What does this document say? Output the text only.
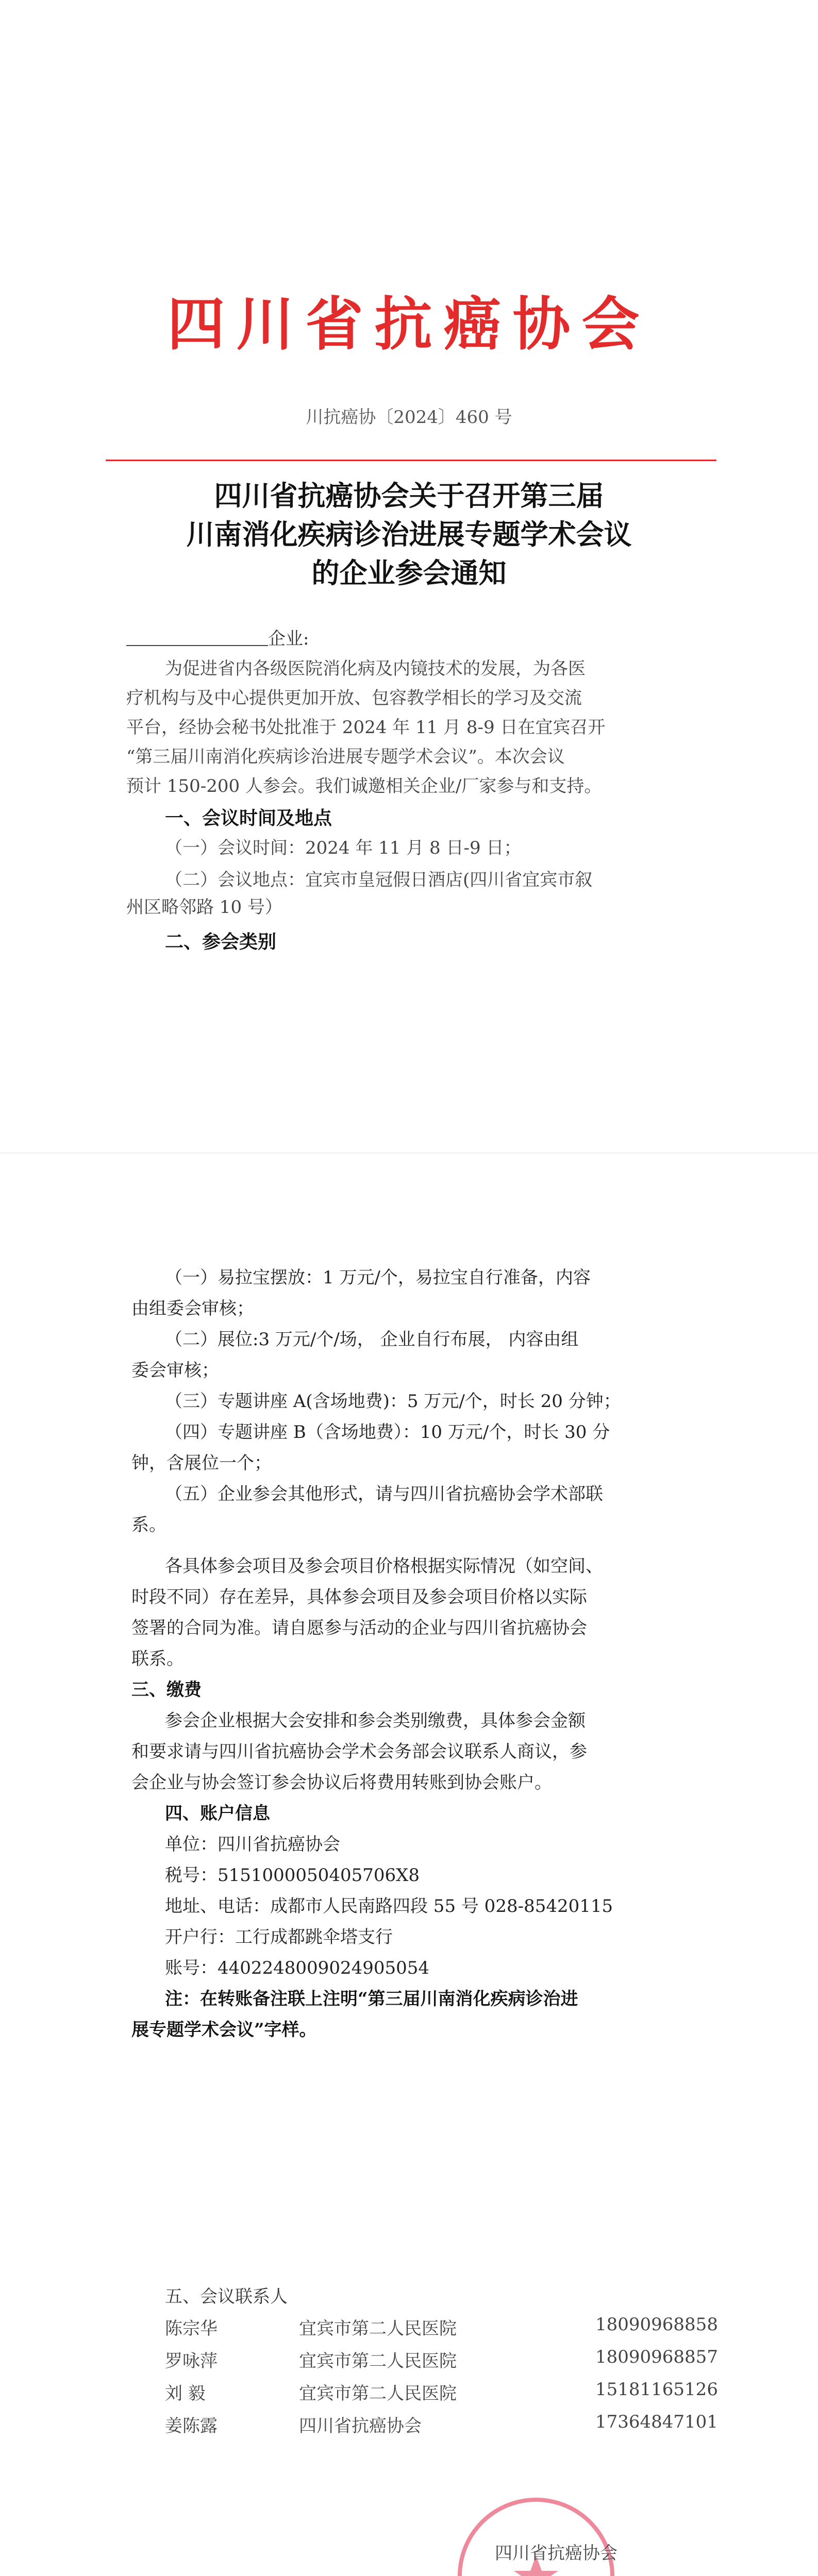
四川省抗癌协会
川抗癌协〔2024〕460 号
四川省抗癌协会关于召开第三届
川南消化疾病诊治进展专题学术会议
的企业参会通知
企业:
为促进省内各级医院消化病及内镜技术的发展，为各医
疗机构与及中心提供更加开放、包容教学相长的学习及交流
平台，经协会秘书处批准于 2024 年 11 月 8-9 日在宜宾召开
“第三届川南消化疾病诊治进展专题学术会议”。本次会议
预计 150-200 人参会。我们诚邀相关企业/厂家参与和支持。
一、会议时间及地点
（一）会议时间：2024 年 11 月 8 日-9 日；
（二）会议地点：宜宾市皇冠假日酒店(四川省宜宾市叙
州区略邻路 10 号）
二、参会类别
（一）易拉宝摆放：1 万元/个，易拉宝自行准备，内容
由组委会审核；
（二）展位:3 万元/个/场， 企业自行布展， 内容由组
委会审核；
（三）专题讲座 A(含场地费)：5 万元/个，时长 20 分钟；
（四）专题讲座 B（含场地费）：10 万元/个，时长 30 分
钟，含展位一个；
（五）企业参会其他形式，请与四川省抗癌协会学术部联
系。
各具体参会项目及参会项目价格根据实际情况（如空间、
时段不同）存在差异，具体参会项目及参会项目价格以实际
签署的合同为准。请自愿参与活动的企业与四川省抗癌协会
联系。
三、缴费
参会企业根据大会安排和参会类别缴费，具体参会金额
和要求请与四川省抗癌协会学术会务部会议联系人商议，参
会企业与协会签订参会协议后将费用转账到协会账户。
四、账户信息
单位：四川省抗癌协会
税号：5151000050405706X8
地址、电话：成都市人民南路四段 55 号 028-85420115
开户行：工行成都跳伞塔支行
账号：4402248009024905054
注：在转账备注联上注明“第三届川南消化疾病诊治进
展专题学术会议”字样。
五、会议联系人
陈宗华	宜宾市第二人民医院	18090968858
罗咏萍	宜宾市第二人民医院	18090968857
刘 毅	宜宾市第二人民医院	15181165126
姜陈露	四川省抗癌协会	17364847101
四川省抗癌协会
